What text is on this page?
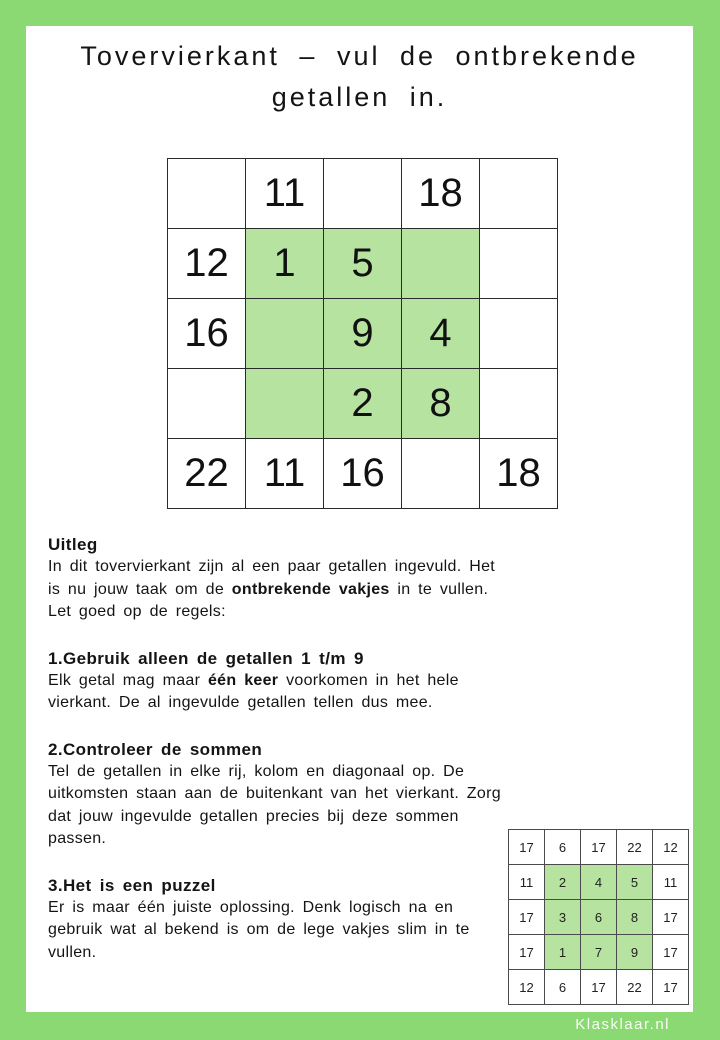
Tovervierkant – vul de ontbrekende
getallen in.
	11		18	
12	1	5		
16		9	4	
		2	8	
22	11	16		18
Uitleg

In dit tovervierkant zijn al een paar getallen ingevuld. Het is nu jouw taak om de ontbrekende vakjes in te vullen. Let goed op de regels:

1.Gebruik alleen de getallen 1 t/m 9

Elk getal mag maar één keer voorkomen in het hele vierkant. De al ingevulde getallen tellen dus mee.

2.Controleer de sommen

Tel de getallen in elke rij, kolom en diagonaal op. De uitkomsten staan aan de buitenkant van het vierkant. Zorg dat jouw ingevulde getallen precies bij deze sommen passen.

3.Het is een puzzel

Er is maar één juiste oplossing. Denk logisch na en gebruik wat al bekend is om de lege vakjes slim in te vullen.

17	6	17	22	12
11	2	4	5	11
17	3	6	8	17
17	1	7	9	17
12	6	17	22	17
Klasklaar.nl
